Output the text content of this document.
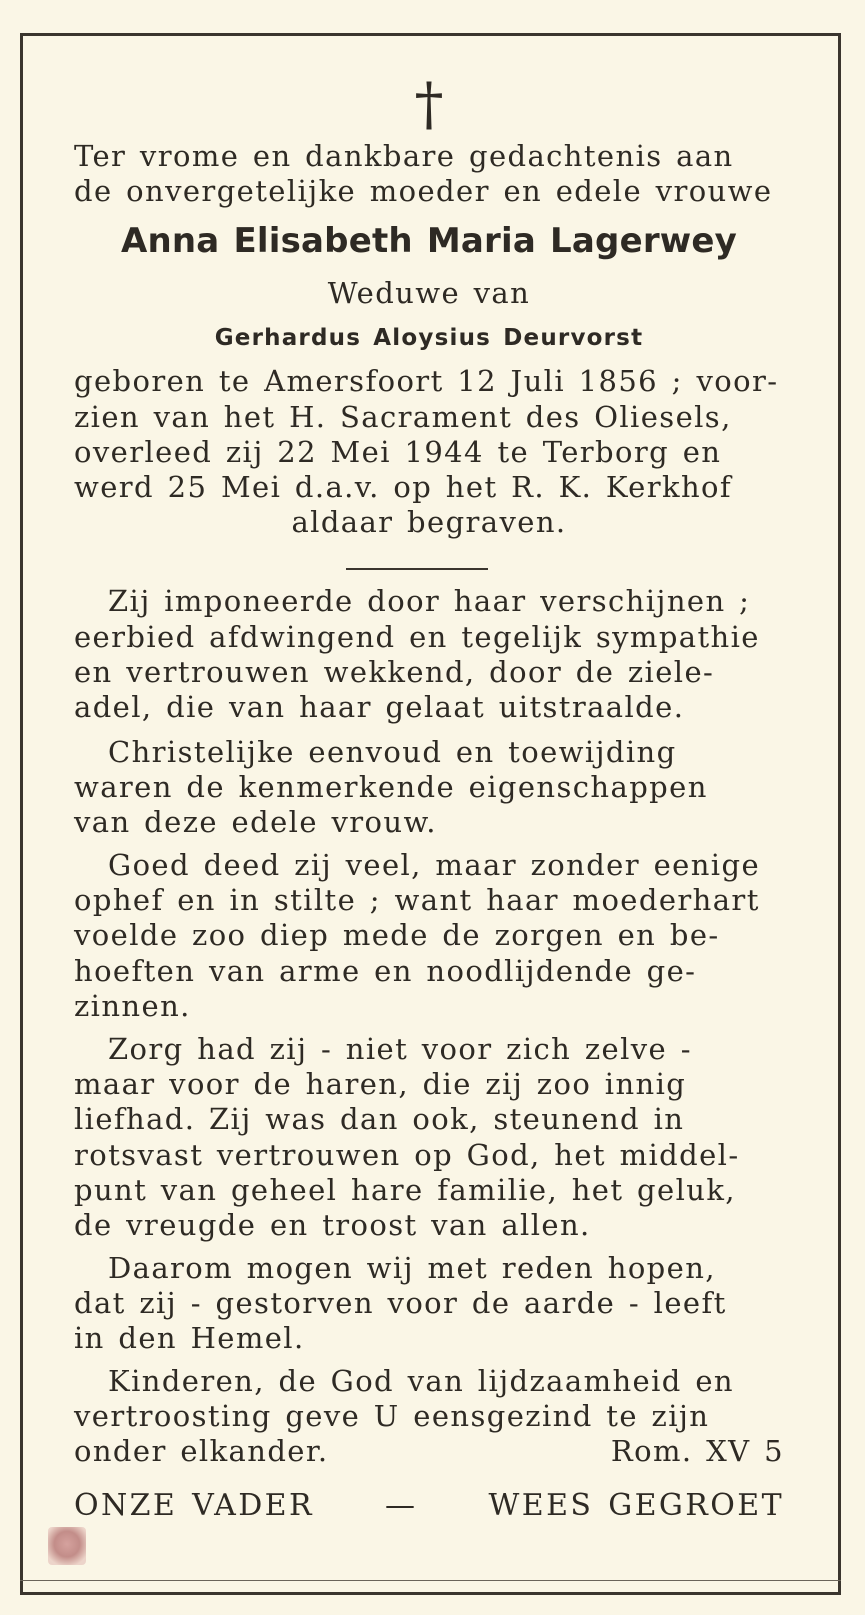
†
Ter vrome en dankbare gedachtenis aan
de onvergetelijke moeder en edele vrouwe
Anna Elisabeth Maria Lagerwey
Weduwe van
Gerhardus Aloysius Deurvorst
geboren te Amersfoort 12 Juli 1856 ; voor-
zien van het H. Sacrament des Oliesels,
overleed zij 22 Mei 1944 te Terborg en
werd 25 Mei d.a.v. op het R. K. Kerkhof
aldaar begraven.
Zij imponeerde door haar verschijnen ;
eerbied afdwingend en tegelijk sympathie
en vertrouwen wekkend, door de ziele-
adel, die van haar gelaat uitstraalde.
Christelijke eenvoud en toewijding
waren de kenmerkende eigenschappen
van deze edele vrouw.
Goed deed zij veel, maar zonder eenige
ophef en in stilte ; want haar moederhart
voelde zoo diep mede de zorgen en be-
hoeften van arme en noodlijdende ge-
zinnen.
Zorg had zij - niet voor zich zelve -
maar voor de haren, die zij zoo innig
liefhad. Zij was dan ook, steunend in
rotsvast vertrouwen op God, het middel-
punt van geheel hare familie, het geluk,
de vreugde en troost van allen.
Daarom mogen wij met reden hopen,
dat zij - gestorven voor de aarde - leeft
in den Hemel.
Kinderen, de God van lijdzaamheid en
vertroosting geve U eensgezind te zijn
onder elkander.	Rom. XV 5
ONZE VADER — WEES GEGROET
